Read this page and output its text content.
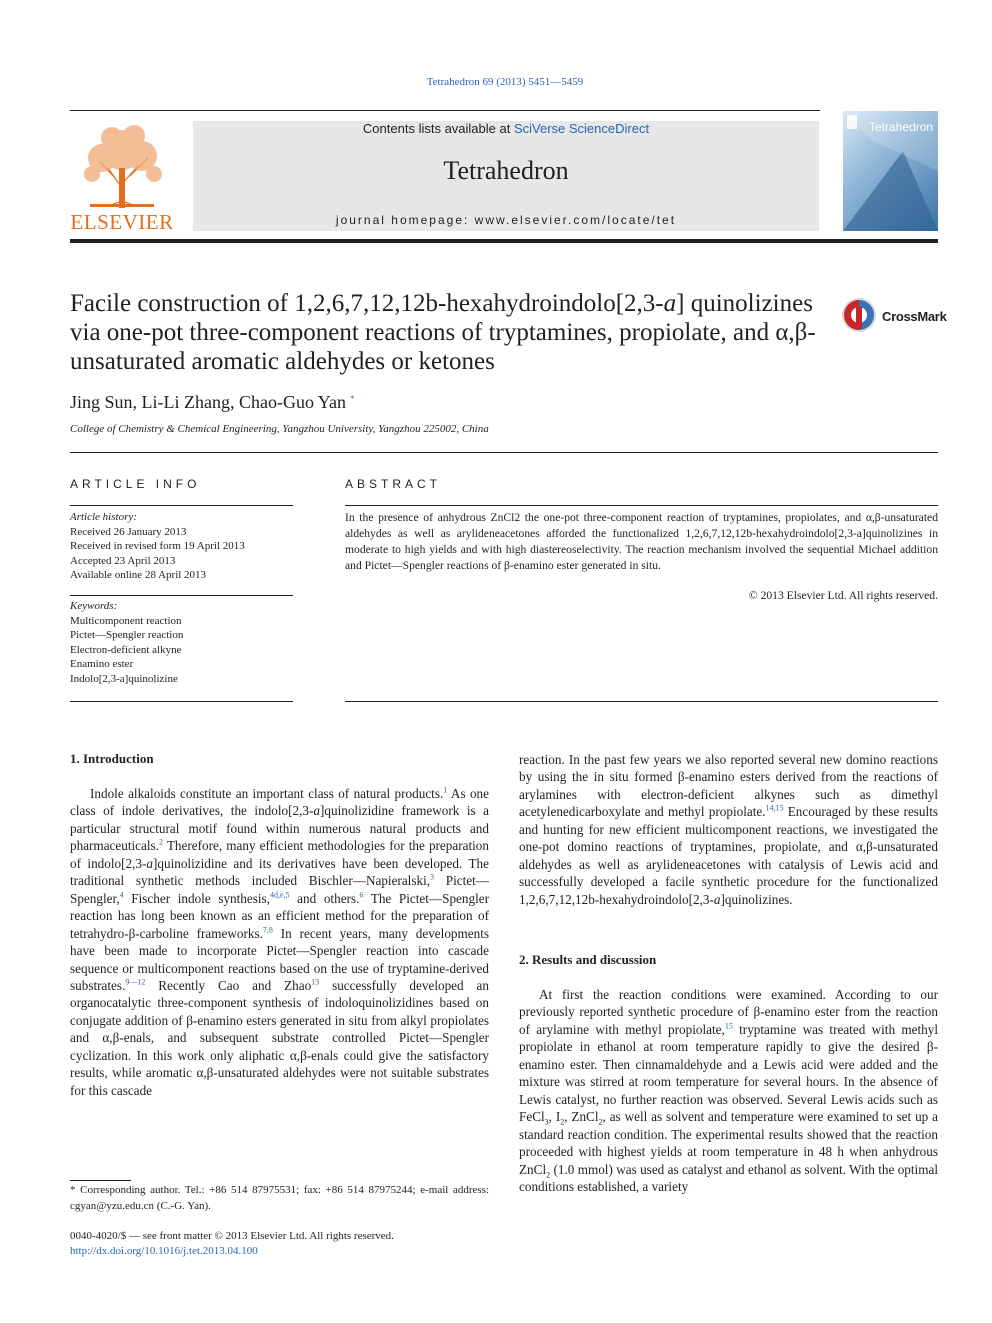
Tetrahedron 69 (2013) 5451—5459
ELSEVIER
Contents lists available at SciVerse ScienceDirect
Tetrahedron
journal homepage: www.elsevier.com/locate/tet
Tetrahedron
Facile construction of 1,2,6,7,12,12b-hexahydroindolo[2,3-a] quinolizines via one-pot three-component reactions of tryptamines, propiolate, and α,β-unsaturated aromatic aldehydes or ketones
CrossMark
Jing Sun, Li-Li Zhang, Chao-Guo Yan *
College of Chemistry & Chemical Engineering, Yangzhou University, Yangzhou 225002, China
ARTICLE INFO	ABSTRACT
Article history:
Received 26 January 2013
Received in revised form 19 April 2013
Accepted 23 April 2013
Available online 28 April 2013
Keywords:
Multicomponent reaction
Pictet—Spengler reaction
Electron-deficient alkyne
Enamino ester
Indolo[2,3-a]quinolizine
In the presence of anhydrous ZnCl2 the one-pot three-component reaction of tryptamines, propiolates, and α,β-unsaturated aldehydes as well as arylideneacetones afforded the functionalized 1,2,6,7,12,12b-hexahydroindolo[2,3-a]quinolizines in moderate to high yields and with high diastereoselectivity. The reaction mechanism involved the sequential Michael addition and Pictet—Spengler reactions of β-enamino ester generated in situ.
© 2013 Elsevier Ltd. All rights reserved.
1. Introduction

Indole alkaloids constitute an important class of natural products.$^1$ As one class of indole derivatives, the indolo[2,3-a]quinolizidine framework is a particular structural motif found within numerous natural products and pharmaceuticals.$^2$ Therefore, many efficient methodologies for the preparation of indolo[2,3-a]quinolizidine and its derivatives have been developed. The traditional synthetic methods included Bischler—Napieralski,$^3$ Pictet—Spengler,$^4$ Fischer indole synthesis,$^{4d,e,5}$ and others.$^6$ The Pictet—Spengler reaction has long been known as an efficient method for the preparation of tetrahydro-β-carboline frameworks.$^{7,8}$ In recent years, many developments have been made to incorporate Pictet—Spengler reaction into cascade sequence or multicomponent reactions based on the use of tryptamine-derived substrates.$^{9—12}$ Recently Cao and Zhao$^{13}$ successfully developed an organocatalytic three-component synthesis of indoloquinolizidines based on conjugate addition of β-enamino esters generated in situ from alkyl propiolates and α,β-enals, and subsequent substrate controlled Pictet—Spengler cyclization. In this work only aliphatic α,β-enals could give the satisfactory results, while aromatic α,β-unsaturated aldehydes were not suitable substrates for this cascade

reaction. In the past few years we also reported several new domino reactions by using the in situ formed β-enamino esters derived from the reactions of arylamines with electron-deficient alkynes such as dimethyl acetylenedicarboxylate and methyl propiolate.$^{14,15}$ Encouraged by these results and hunting for new efficient multicomponent reactions, we investigated the one-pot domino reactions of tryptamines, propiolate, and α,β-unsaturated aldehydes as well as arylideneacetones with catalysis of Lewis acid and successfully developed a facile synthetic procedure for the functionalized 1,2,6,7,12,12b-hexahydroindolo[2,3-a]quinolizines.

2. Results and discussion

At first the reaction conditions were examined. According to our previously reported synthetic procedure of β-enamino ester from the reaction of arylamine with methyl propiolate,$^{15}$ tryptamine was treated with methyl propiolate in ethanol at room temperature rapidly to give the desired β-enamino ester. Then cinnamaldehyde and a Lewis acid were added and the mixture was stirred at room temperature for several hours. In the absence of Lewis catalyst, no further reaction was observed. Several Lewis acids such as FeCl$_3$, $I_2$, ZnCl$_2$, as well as solvent and temperature were examined to set up a standard reaction condition. The experimental results showed that the reaction proceeded with highest yields at room temperature in 48 h when anhydrous ZnCl$_2$ (1.0 mmol) was used as catalyst and ethanol as solvent. With the optimal conditions established, a variety

* Corresponding author. Tel.: +86 514 87975531; fax: +86 514 87975244; e-mail address: cgyan@yzu.edu.cn (C.-G. Yan).
0040-4020/$ — see front matter © 2013 Elsevier Ltd. All rights reserved.
http://dx.doi.org/10.1016/j.tet.2013.04.100
